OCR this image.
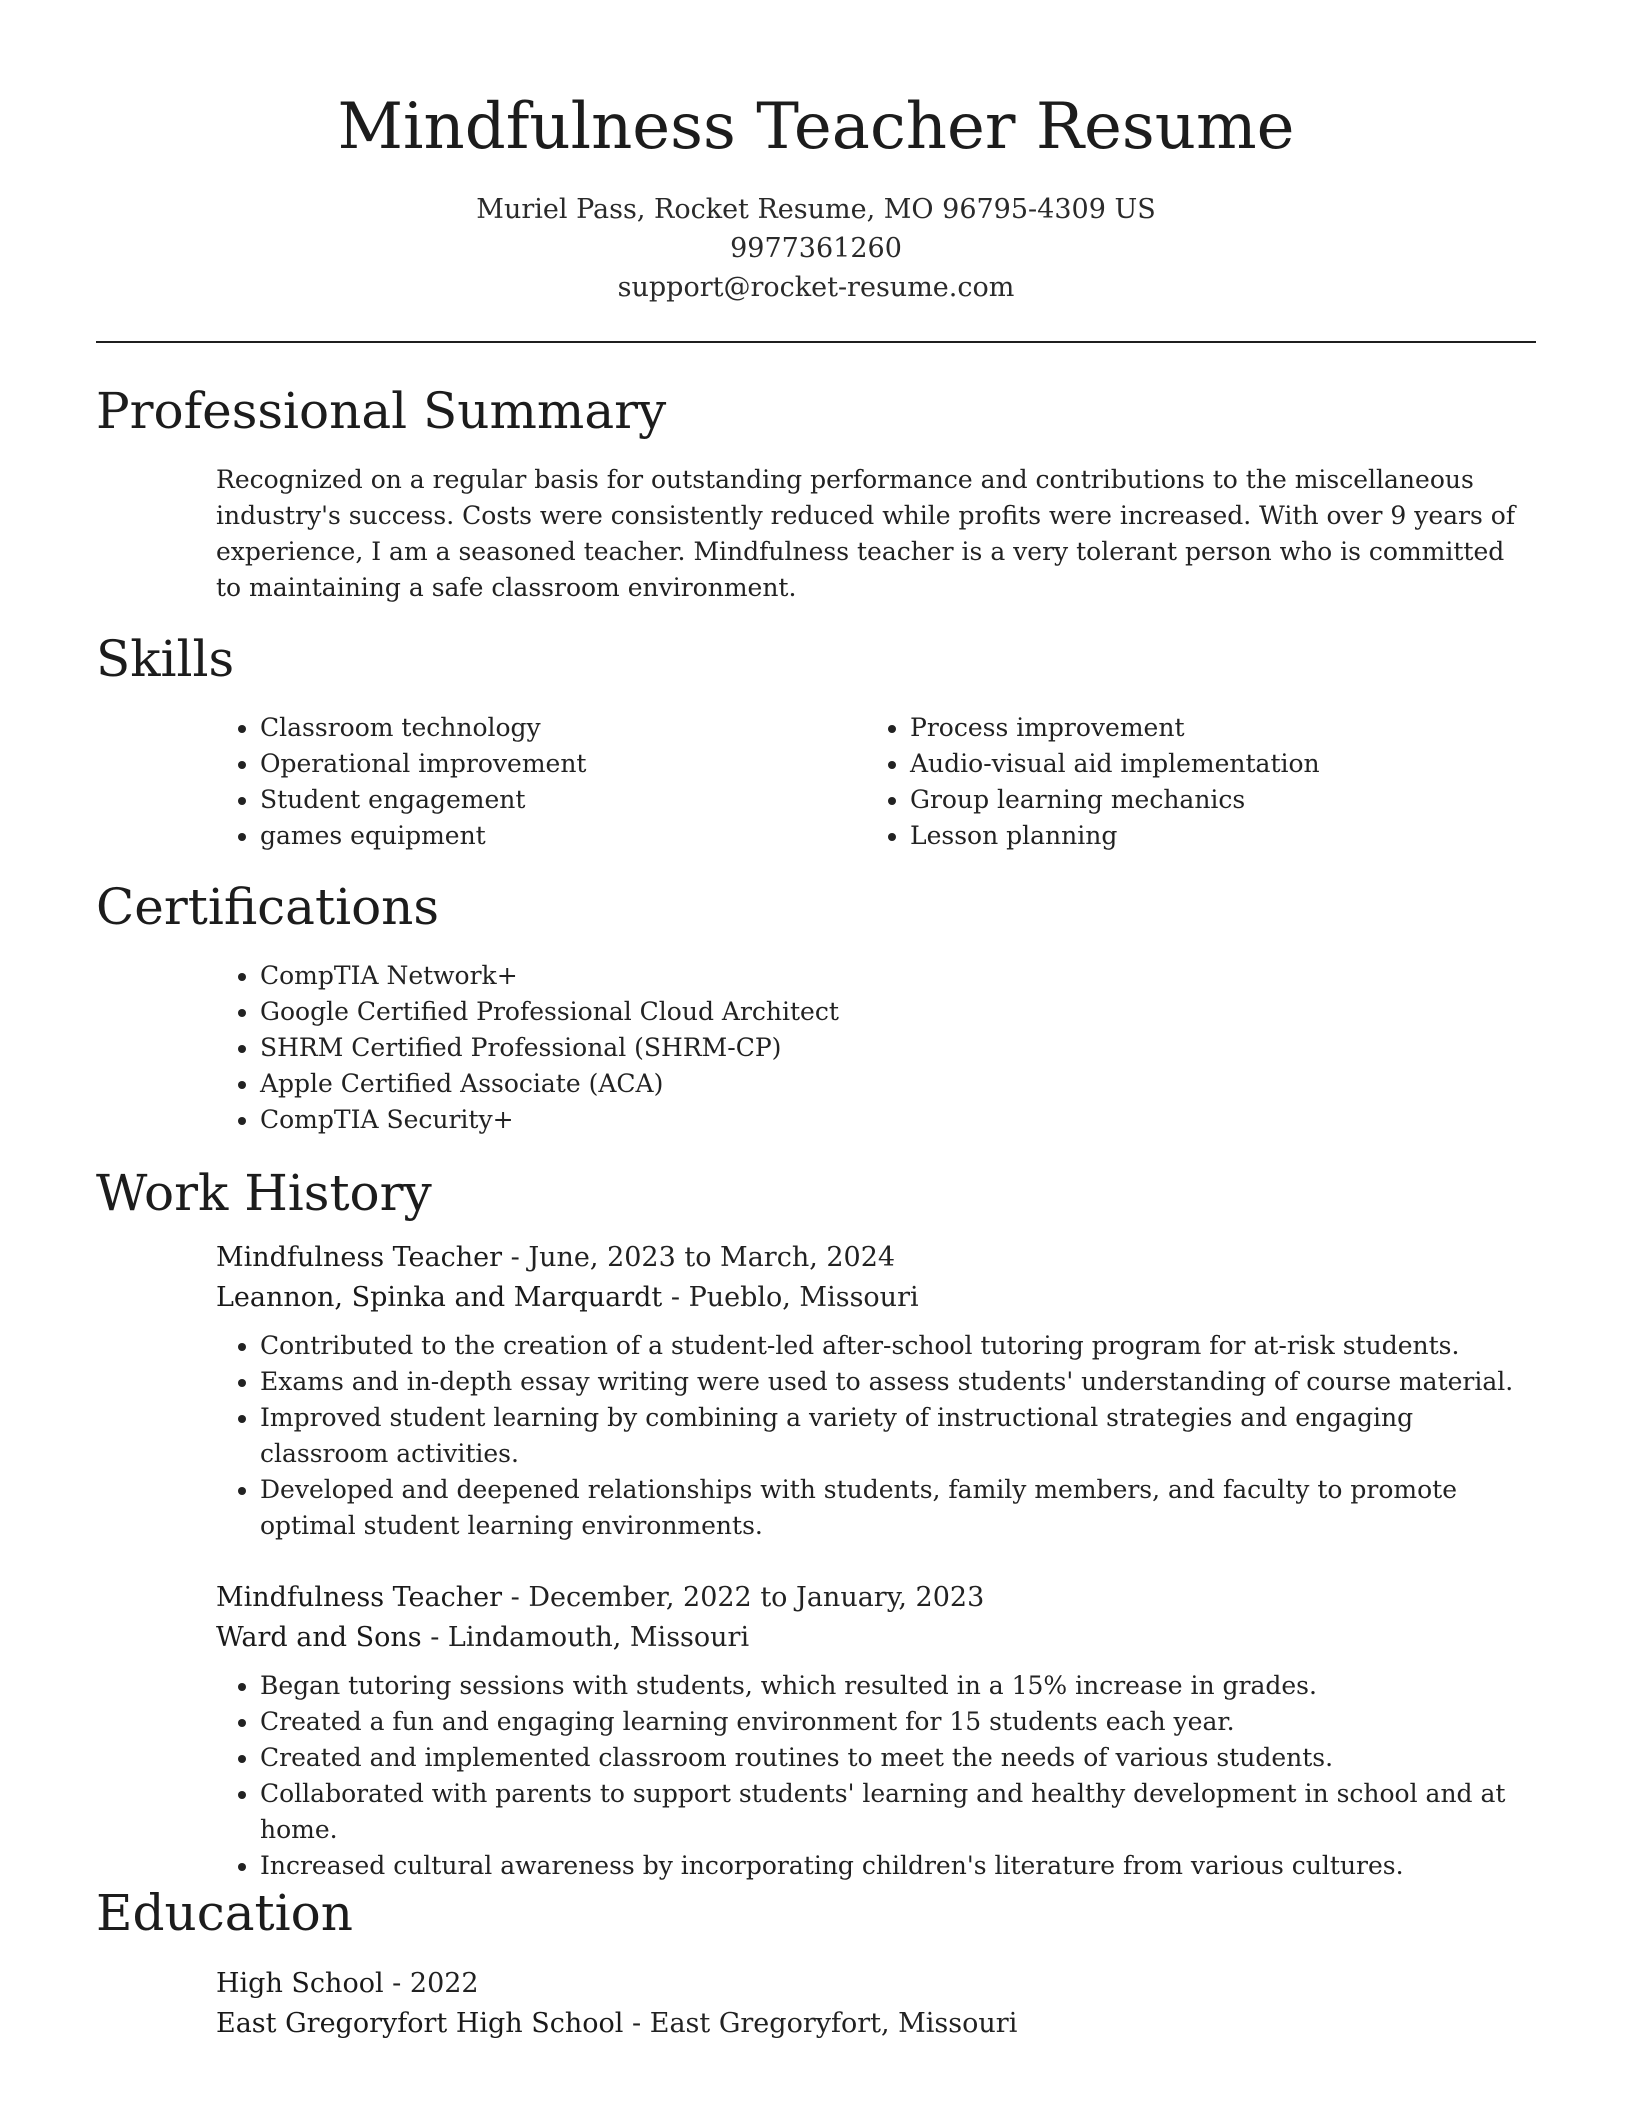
Mindfulness Teacher Resume
Muriel Pass, Rocket Resume, MO 96795-4309 US
9977361260
support@rocket-resume.com
Professional Summary

Recognized on a regular basis for outstanding performance and contributions to the miscellaneous industry's success. Costs were consistently reduced while profits were increased. With over 9 years of experience, I am a seasoned teacher. Mindfulness teacher is a very tolerant person who is committed to maintaining a safe classroom environment.

Skills
• Classroom technology
• Operational improvement
• Student engagement
• games equipment
• Process improvement
• Audio-visual aid implementation
• Group learning mechanics
• Lesson planning
Certifications
• CompTIA Network+
• Google Certified Professional Cloud Architect
• SHRM Certified Professional (SHRM-CP)
• Apple Certified Associate (ACA)
• CompTIA Security+
Work History
Mindfulness Teacher - June, 2023 to March, 2024
Leannon, Spinka and Marquardt - Pueblo, Missouri
• Contributed to the creation of a student-led after-school tutoring program for at-risk students.
• Exams and in-depth essay writing were used to assess students' understanding of course material.
• Improved student learning by combining a variety of instructional strategies and engaging classroom activities.
• Developed and deepened relationships with students, family members, and faculty to promote optimal student learning environments.
Mindfulness Teacher - December, 2022 to January, 2023
Ward and Sons - Lindamouth, Missouri
• Began tutoring sessions with students, which resulted in a 15% increase in grades.
• Created a fun and engaging learning environment for 15 students each year.
• Created and implemented classroom routines to meet the needs of various students.
• Collaborated with parents to support students' learning and healthy development in school and at home.
• Increased cultural awareness by incorporating children's literature from various cultures.
Education
High School - 2022
East Gregoryfort High School - East Gregoryfort, Missouri
